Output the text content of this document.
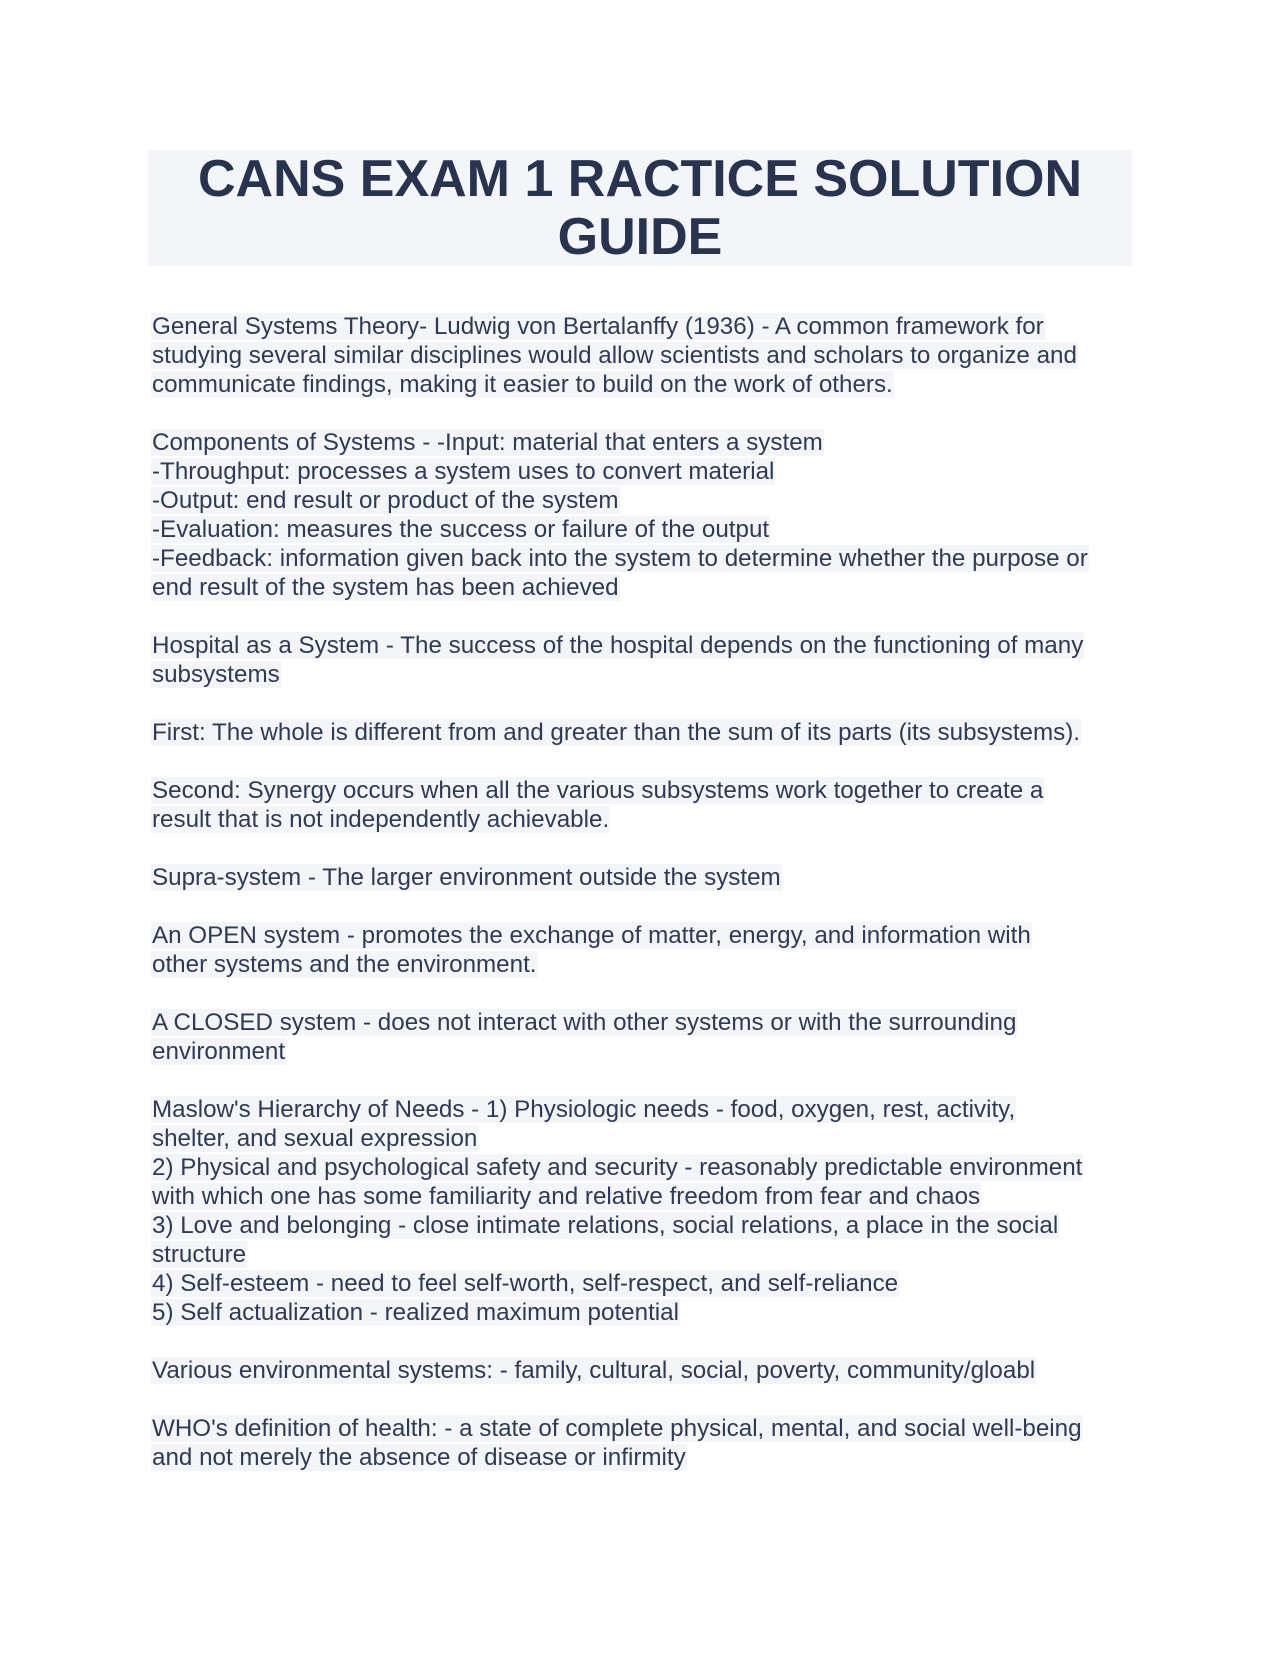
CANS EXAM 1 RACTICE SOLUTION
GUIDE
General Systems Theory- Ludwig von Bertalanffy (1936) - A common framework for
studying several similar disciplines would allow scientists and scholars to organize and
communicate findings, making it easier to build on the work of others.
Components of Systems - -Input: material that enters a system
-Throughput: processes a system uses to convert material
-Output: end result or product of the system
-Evaluation: measures the success or failure of the output
-Feedback: information given back into the system to determine whether the purpose or
end result of the system has been achieved
Hospital as a System - The success of the hospital depends on the functioning of many
subsystems
First: The whole is different from and greater than the sum of its parts (its subsystems).
Second: Synergy occurs when all the various subsystems work together to create a
result that is not independently achievable.
Supra-system - The larger environment outside the system
An OPEN system - promotes the exchange of matter, energy, and information with
other systems and the environment.
A CLOSED system - does not interact with other systems or with the surrounding
environment
Maslow's Hierarchy of Needs - 1) Physiologic needs - food, oxygen, rest, activity,
shelter, and sexual expression
2) Physical and psychological safety and security - reasonably predictable environment
with which one has some familiarity and relative freedom from fear and chaos
3) Love and belonging - close intimate relations, social relations, a place in the social
structure
4) Self-esteem - need to feel self-worth, self-respect, and self-reliance
5) Self actualization - realized maximum potential
Various environmental systems: - family, cultural, social, poverty, community/gloabl
WHO's definition of health: - a state of complete physical, mental, and social well-being
and not merely the absence of disease or infirmity
